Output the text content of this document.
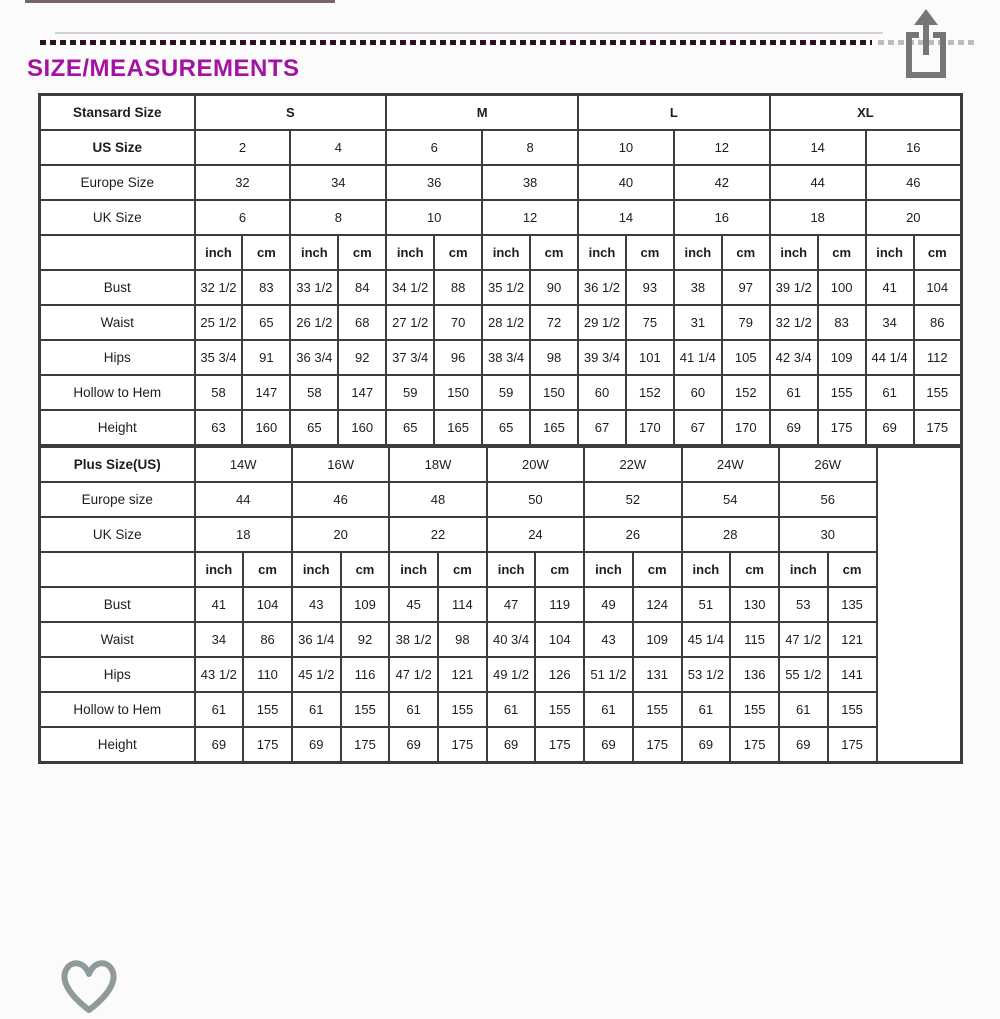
SIZE/MEASUREMENTS
Stansard Size	S				M				L				XL			
US Size	2		4		6		8		10		12		14		16	
Europe Size	32		34		36		38		40		42		44		46	
UK Size	6		8		10		12		14		16		18		20	
	inch	cm	inch	cm	inch	cm	inch	cm	inch	cm	inch	cm	inch	cm	inch	cm
Bust	32 1/2	83	33 1/2	84	34 1/2	88	35 1/2	90	36 1/2	93	38	97	39 1/2	100	41	104
Waist	25 1/2	65	26 1/2	68	27 1/2	70	28 1/2	72	29 1/2	75	31	79	32 1/2	83	34	86
Hips	35 3/4	91	36 3/4	92	37 3/4	96	38 3/4	98	39 3/4	101	41 1/4	105	42 3/4	109	44 1/4	112
Hollow to Hem	58	147	58	147	59	150	59	150	60	152	60	152	61	155	61	155
Height	63	160	65	160	65	165	65	165	67	170	67	170	69	175	69	175
Plus Size(US)	14W		16W		18W		20W		22W		24W		26W		
Europe size	44		46		48		50		52		54		56		
UK Size	18		20		22		24		26		28		30		
	inch	cm	inch	cm	inch	cm	inch	cm	inch	cm	inch	cm	inch	cm	
Bust	41	104	43	109	45	114	47	119	49	124	51	130	53	135	
Waist	34	86	36 1/4	92	38 1/2	98	40 3/4	104	43	109	45 1/4	115	47 1/2	121	
Hips	43 1/2	110	45 1/2	116	47 1/2	121	49 1/2	126	51 1/2	131	53 1/2	136	55 1/2	141	
Hollow to Hem	61	155	61	155	61	155	61	155	61	155	61	155	61	155	
Height	69	175	69	175	69	175	69	175	69	175	69	175	69	175	
